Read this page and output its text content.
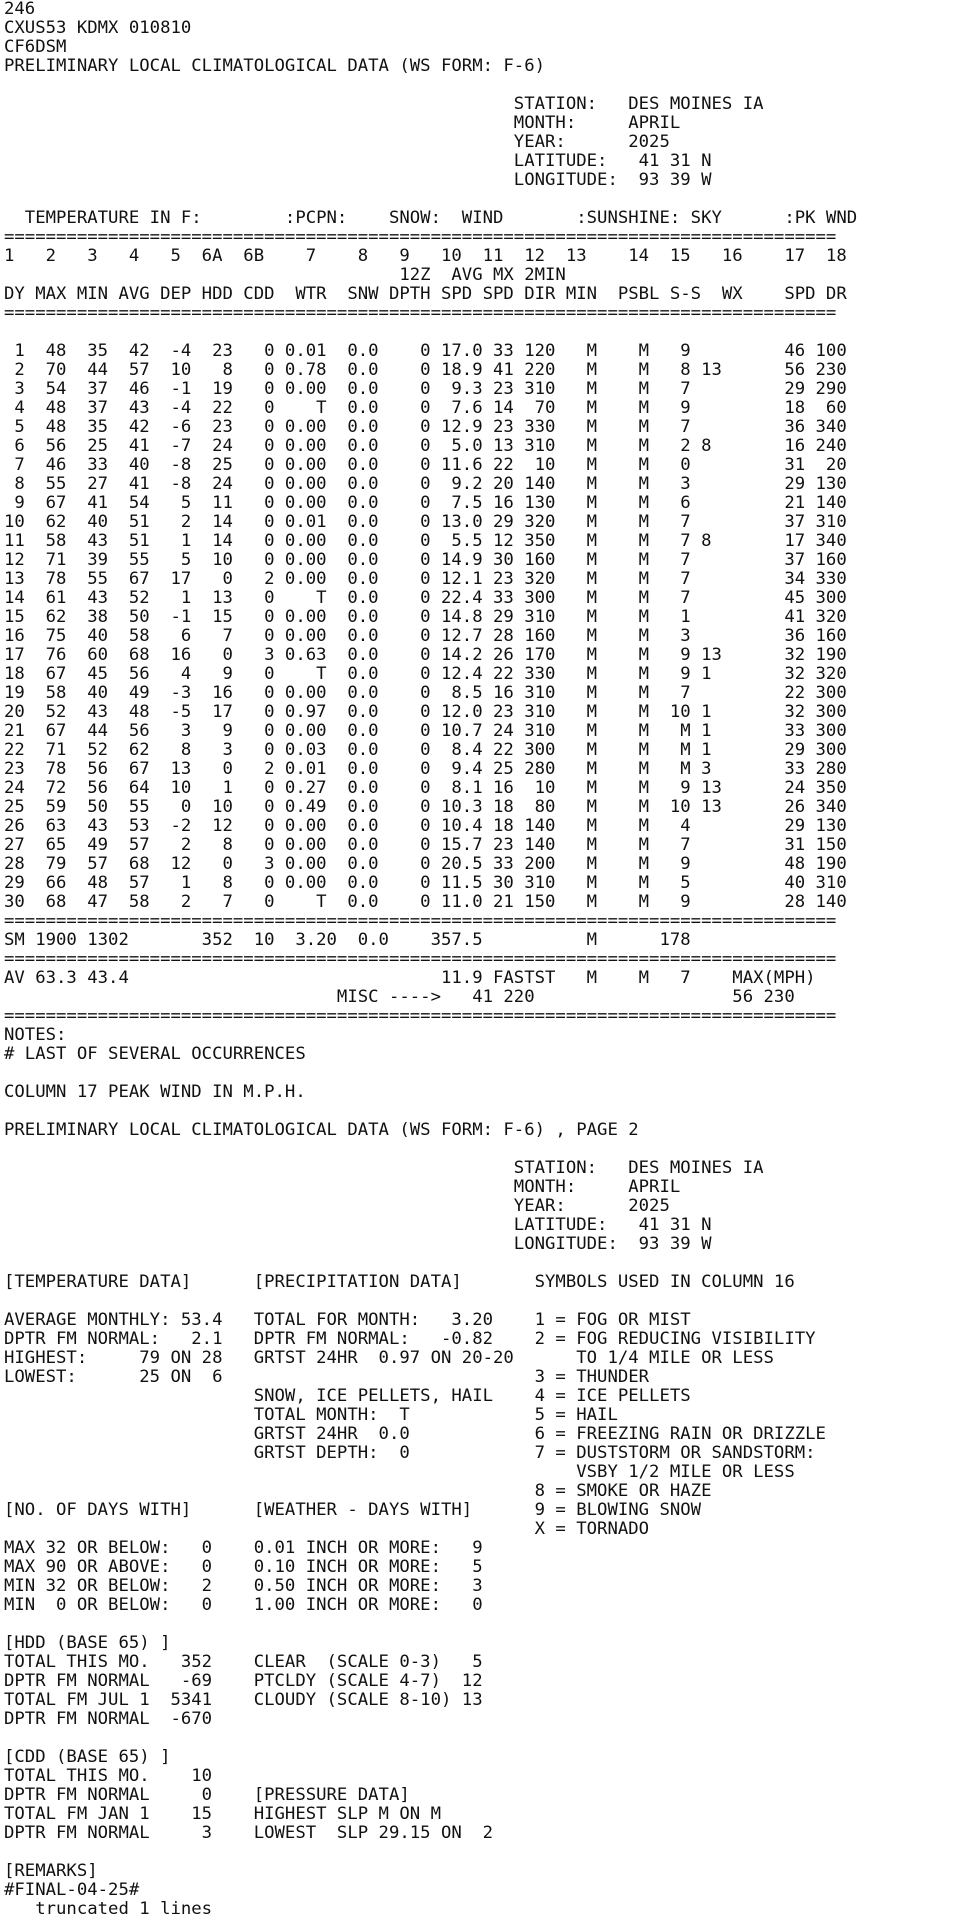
246
CXUS53 KDMX 010810
CF6DSM
PRELIMINARY LOCAL CLIMATOLOGICAL DATA (WS FORM: F-6)
STATION:   DES MOINES IA
MONTH:     APRIL
YEAR:      2025
LATITUDE:   41 31 N
LONGITUDE:  93 39 W
TEMPERATURE IN F:        :PCPN:    SNOW:  WIND       :SUNSHINE: SKY      :PK WND
================================================================================
1   2   3   4   5  6A  6B    7    8   9   10  11  12  13    14  15   16    17  18
12Z  AVG MX 2MIN
DY MAX MIN AVG DEP HDD CDD  WTR  SNW DPTH SPD SPD DIR MIN  PSBL S-S  WX    SPD DR
================================================================================
1  48  35  42  -4  23   0 0.01  0.0    0 17.0 33 120   M    M   9         46 100
2  70  44  57  10   8   0 0.78  0.0    0 18.9 41 220   M    M   8 13      56 230
3  54  37  46  -1  19   0 0.00  0.0    0  9.3 23 310   M    M   7         29 290
4  48  37  43  -4  22   0    T  0.0    0  7.6 14  70   M    M   9         18  60
5  48  35  42  -6  23   0 0.00  0.0    0 12.9 23 330   M    M   7         36 340
6  56  25  41  -7  24   0 0.00  0.0    0  5.0 13 310   M    M   2 8       16 240
7  46  33  40  -8  25   0 0.00  0.0    0 11.6 22  10   M    M   0         31  20
8  55  27  41  -8  24   0 0.00  0.0    0  9.2 20 140   M    M   3         29 130
9  67  41  54   5  11   0 0.00  0.0    0  7.5 16 130   M    M   6         21 140
10  62  40  51   2  14   0 0.01  0.0    0 13.0 29 320   M    M   7         37 310
11  58  43  51   1  14   0 0.00  0.0    0  5.5 12 350   M    M   7 8       17 340
12  71  39  55   5  10   0 0.00  0.0    0 14.9 30 160   M    M   7         37 160
13  78  55  67  17   0   2 0.00  0.0    0 12.1 23 320   M    M   7         34 330
14  61  43  52   1  13   0    T  0.0    0 22.4 33 300   M    M   7         45 300
15  62  38  50  -1  15   0 0.00  0.0    0 14.8 29 310   M    M   1         41 320
16  75  40  58   6   7   0 0.00  0.0    0 12.7 28 160   M    M   3         36 160
17  76  60  68  16   0   3 0.63  0.0    0 14.2 26 170   M    M   9 13      32 190
18  67  45  56   4   9   0    T  0.0    0 12.4 22 330   M    M   9 1       32 320
19  58  40  49  -3  16   0 0.00  0.0    0  8.5 16 310   M    M   7         22 300
20  52  43  48  -5  17   0 0.97  0.0    0 12.0 23 310   M    M  10 1       32 300
21  67  44  56   3   9   0 0.00  0.0    0 10.7 24 310   M    M   M 1       33 300
22  71  52  62   8   3   0 0.03  0.0    0  8.4 22 300   M    M   M 1       29 300
23  78  56  67  13   0   2 0.01  0.0    0  9.4 25 280   M    M   M 3       33 280
24  72  56  64  10   1   0 0.27  0.0    0  8.1 16  10   M    M   9 13      24 350
25  59  50  55   0  10   0 0.49  0.0    0 10.3 18  80   M    M  10 13      26 340
26  63  43  53  -2  12   0 0.00  0.0    0 10.4 18 140   M    M   4         29 130
27  65  49  57   2   8   0 0.00  0.0    0 15.7 23 140   M    M   7         31 150
28  79  57  68  12   0   3 0.00  0.0    0 20.5 33 200   M    M   9         48 190
29  66  48  57   1   8   0 0.00  0.0    0 11.5 30 310   M    M   5         40 310
30  68  47  58   2   7   0    T  0.0    0 11.0 21 150   M    M   9         28 140
================================================================================
SM 1900 1302       352  10  3.20  0.0    357.5          M      178
================================================================================
AV 63.3 43.4                              11.9 FASTST   M    M   7    MAX(MPH)
MISC ---->   41 220                   56 230
================================================================================
NOTES:
# LAST OF SEVERAL OCCURRENCES
COLUMN 17 PEAK WIND IN M.P.H.
PRELIMINARY LOCAL CLIMATOLOGICAL DATA (WS FORM: F-6) , PAGE 2
STATION:   DES MOINES IA
MONTH:     APRIL
YEAR:      2025
LATITUDE:   41 31 N
LONGITUDE:  93 39 W
[TEMPERATURE DATA]      [PRECIPITATION DATA]       SYMBOLS USED IN COLUMN 16
AVERAGE MONTHLY: 53.4   TOTAL FOR MONTH:   3.20    1 = FOG OR MIST
DPTR FM NORMAL:   2.1   DPTR FM NORMAL:   -0.82    2 = FOG REDUCING VISIBILITY
HIGHEST:     79 ON 28   GRTST 24HR  0.97 ON 20-20      TO 1/4 MILE OR LESS
LOWEST:      25 ON  6                              3 = THUNDER
SNOW, ICE PELLETS, HAIL    4 = ICE PELLETS
TOTAL MONTH:  T            5 = HAIL
GRTST 24HR  0.0            6 = FREEZING RAIN OR DRIZZLE
GRTST DEPTH:  0            7 = DUSTSTORM OR SANDSTORM:
VSBY 1/2 MILE OR LESS
8 = SMOKE OR HAZE
[NO. OF DAYS WITH]      [WEATHER - DAYS WITH]      9 = BLOWING SNOW
X = TORNADO
MAX 32 OR BELOW:   0    0.01 INCH OR MORE:   9
MAX 90 OR ABOVE:   0    0.10 INCH OR MORE:   5
MIN 32 OR BELOW:   2    0.50 INCH OR MORE:   3
MIN  0 OR BELOW:   0    1.00 INCH OR MORE:   0
[HDD (BASE 65) ]
TOTAL THIS MO.   352    CLEAR  (SCALE 0-3)   5
DPTR FM NORMAL   -69    PTCLDY (SCALE 4-7)  12
TOTAL FM JUL 1  5341    CLOUDY (SCALE 8-10) 13
DPTR FM NORMAL  -670
[CDD (BASE 65) ]
TOTAL THIS MO.    10
DPTR FM NORMAL     0    [PRESSURE DATA]
TOTAL FM JAN 1    15    HIGHEST SLP M ON M
DPTR FM NORMAL     3    LOWEST  SLP 29.15 ON  2
[REMARKS]
#FINAL-04-25#
truncated 1 lines
